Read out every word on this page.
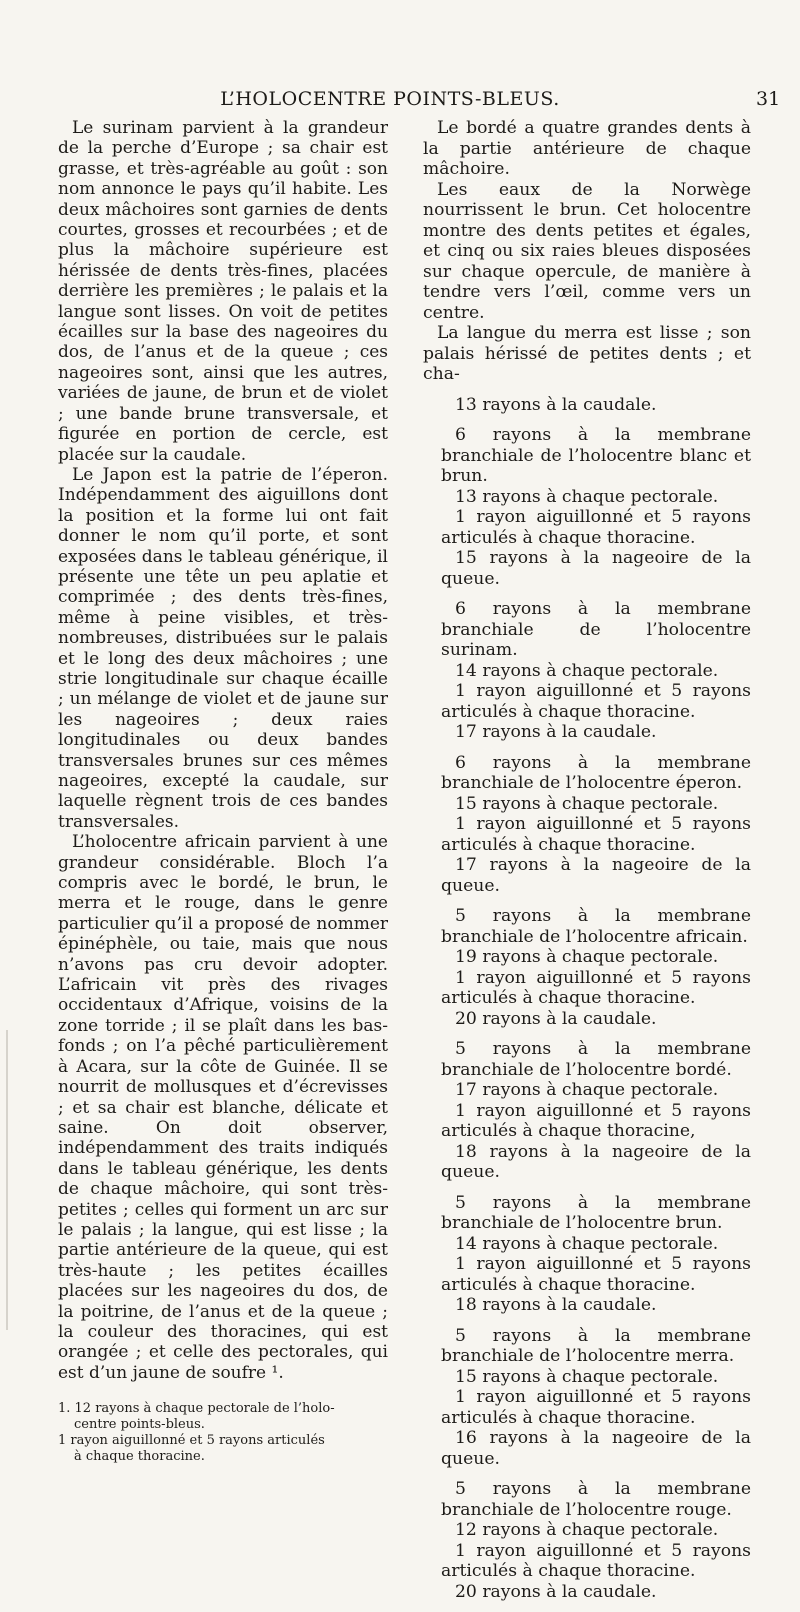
L’HOLOCENTRE POINTS-BLEUS.	31

Le surinam parvient à la grandeur de la perche d’Europe ; sa chair est grasse, et très-agréable au goût : son nom annonce le pays qu’il habite. Les deux mâchoires sont garnies de dents courtes, grosses et recourbées ; et de plus la mâchoire supérieure est hérissée de dents très-fines, placées derrière les premières ; le palais et la langue sont lisses. On voit de petites écailles sur la base des nageoires du dos, de l’anus et de la queue ; ces nageoires sont, ainsi que les autres, variées de jaune, de brun et de violet ; une bande brune transversale, et figurée en portion de cercle, est placée sur la caudale.

Le Japon est la patrie de l’éperon. Indépendamment des aiguillons dont la position et la forme lui ont fait donner le nom qu’il porte, et sont exposées dans le tableau générique, il présente une tête un peu aplatie et comprimée ; des dents très-fines, même à peine visibles, et très-nombreuses, distribuées sur le palais et le long des deux mâchoires ; une strie longitudinale sur chaque écaille ; un mélange de violet et de jaune sur les nageoires ; deux raies longitudinales ou deux bandes transversales brunes sur ces mêmes nageoires, excepté la caudale, sur laquelle règnent trois de ces bandes transversales.

L’holocentre africain parvient à une grandeur considérable. Bloch l’a compris avec le bordé, le brun, le merra et le rouge, dans le genre particulier qu’il a proposé de nommer épinéphèle, ou taie, mais que nous n’avons pas cru devoir adopter. L’africain vit près des rivages occidentaux d’Afrique, voisins de la zone torride ; il se plaît dans les bas-fonds ; on l’a pêché particulièrement à Acara, sur la côte de Guinée. Il se nourrit de mollusques et d’écrevisses ; et sa chair est blanche, délicate et saine. On doit observer, indépendamment des traits indiqués dans le tableau générique, les dents de chaque mâchoire, qui sont très-petites ; celles qui forment un arc sur le palais ; la langue, qui est lisse ; la partie antérieure de la queue, qui est très-haute ; les petites écailles placées sur les nageoires du dos, de la poitrine, de l’anus et de la queue ; la couleur des thoracines, qui est orangée ; et celle des pectorales, qui est d’un jaune de soufre ¹.

1. 12 rayons à chaque pectorale de l’holo-

centre points-bleus.

1 rayon aiguillonné et 5 rayons articulés

à chaque thoracine.

Le bordé a quatre grandes dents à la partie antérieure de chaque mâchoire.

Les eaux de la Norwège nourrissent le brun. Cet holocentre montre des dents petites et égales, et cinq ou six raies bleues disposées sur chaque opercule, de manière à tendre vers l’œil, comme vers un centre.

La langue du merra est lisse ; son palais hérissé de petites dents ; et cha-

13 rayons à la caudale.

6 rayons à la membrane branchiale de l’holocentre blanc et brun.

13 rayons à chaque pectorale.

1 rayon aiguillonné et 5 rayons articulés à chaque thoracine.

15 rayons à la nageoire de la queue.

6 rayons à la membrane branchiale de l’holocentre surinam.

14 rayons à chaque pectorale.

1 rayon aiguillonné et 5 rayons articulés à chaque thoracine.

17 rayons à la caudale.

6 rayons à la membrane branchiale de l’holocentre éperon.

15 rayons à chaque pectorale.

1 rayon aiguillonné et 5 rayons articulés à chaque thoracine.

17 rayons à la nageoire de la queue.

5 rayons à la membrane branchiale de l’holocentre africain.

19 rayons à chaque pectorale.

1 rayon aiguillonné et 5 rayons articulés à chaque thoracine.

20 rayons à la caudale.

5 rayons à la membrane branchiale de l’holocentre bordé.

17 rayons à chaque pectorale.

1 rayon aiguillonné et 5 rayons articulés à chaque thoracine,

18 rayons à la nageoire de la queue.

5 rayons à la membrane branchiale de l’holocentre brun.

14 rayons à chaque pectorale.

1 rayon aiguillonné et 5 rayons articulés à chaque thoracine.

18 rayons à la caudale.

5 rayons à la membrane branchiale de l’holocentre merra.

15 rayons à chaque pectorale.

1 rayon aiguillonné et 5 rayons articulés à chaque thoracine.

16 rayons à la nageoire de la queue.

5 rayons à la membrane branchiale de l’holocentre rouge.

12 rayons à chaque pectorale.

1 rayon aiguillonné et 5 rayons articulés à chaque thoracine.

20 rayons à la caudale.
